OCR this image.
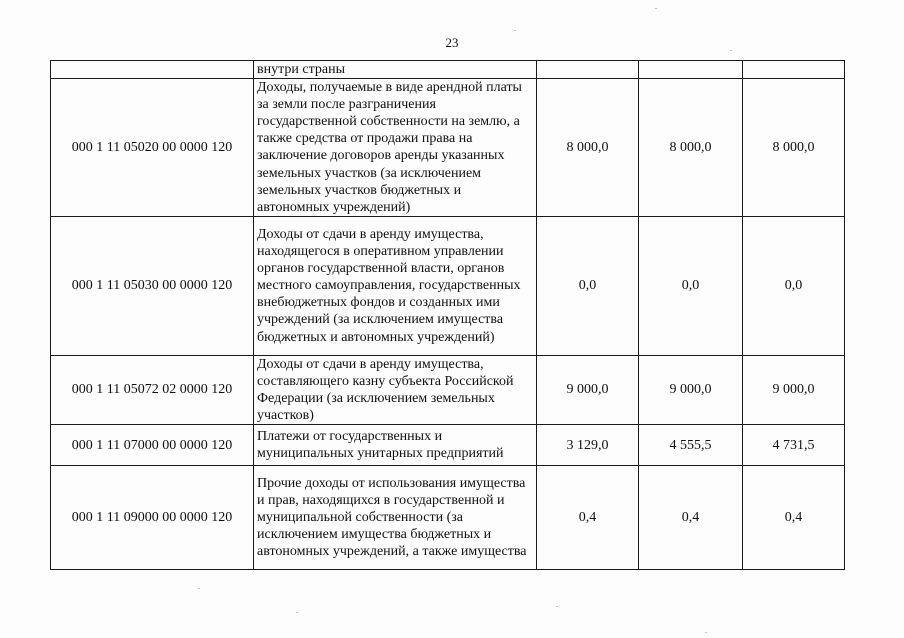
23
	внутри страны			
000 1 11 05020 00 0000 120	Доходы, получаемые в виде арендной платы за земли после разграничения государственной собственности на землю, а также средства от продажи права на заключение договоров аренды указанных земельных участков (за исключением земельных участков бюджетных и автономных учреждений)	8 000,0	8 000,0	8 000,0
000 1 11 05030 00 0000 120	Доходы от сдачи в аренду имущества, находящегося в оперативном управлении органов государственной власти, органов местного самоуправления, государственных внебюджетных фондов и созданных ими учреждений (за исключением имущества бюджетных и автономных учреждений)	0,0	0,0	0,0
000 1 11 05072 02 0000 120	Доходы от сдачи в аренду имущества, составляющего казну субъекта Российской Федерации (за исключением земельных участков)	9 000,0	9 000,0	9 000,0
000 1 11 07000 00 0000 120	Платежи от государственных и муниципальных унитарных предприятий	3 129,0	4 555,5	4 731,5
000 1 11 09000 00 0000 120	Прочие доходы от использования имущества и прав, находящихся в государственной и муниципальной собственности (за исключением имущества бюджетных и автономных учреждений, а также имущества	0,4	0,4	0,4
